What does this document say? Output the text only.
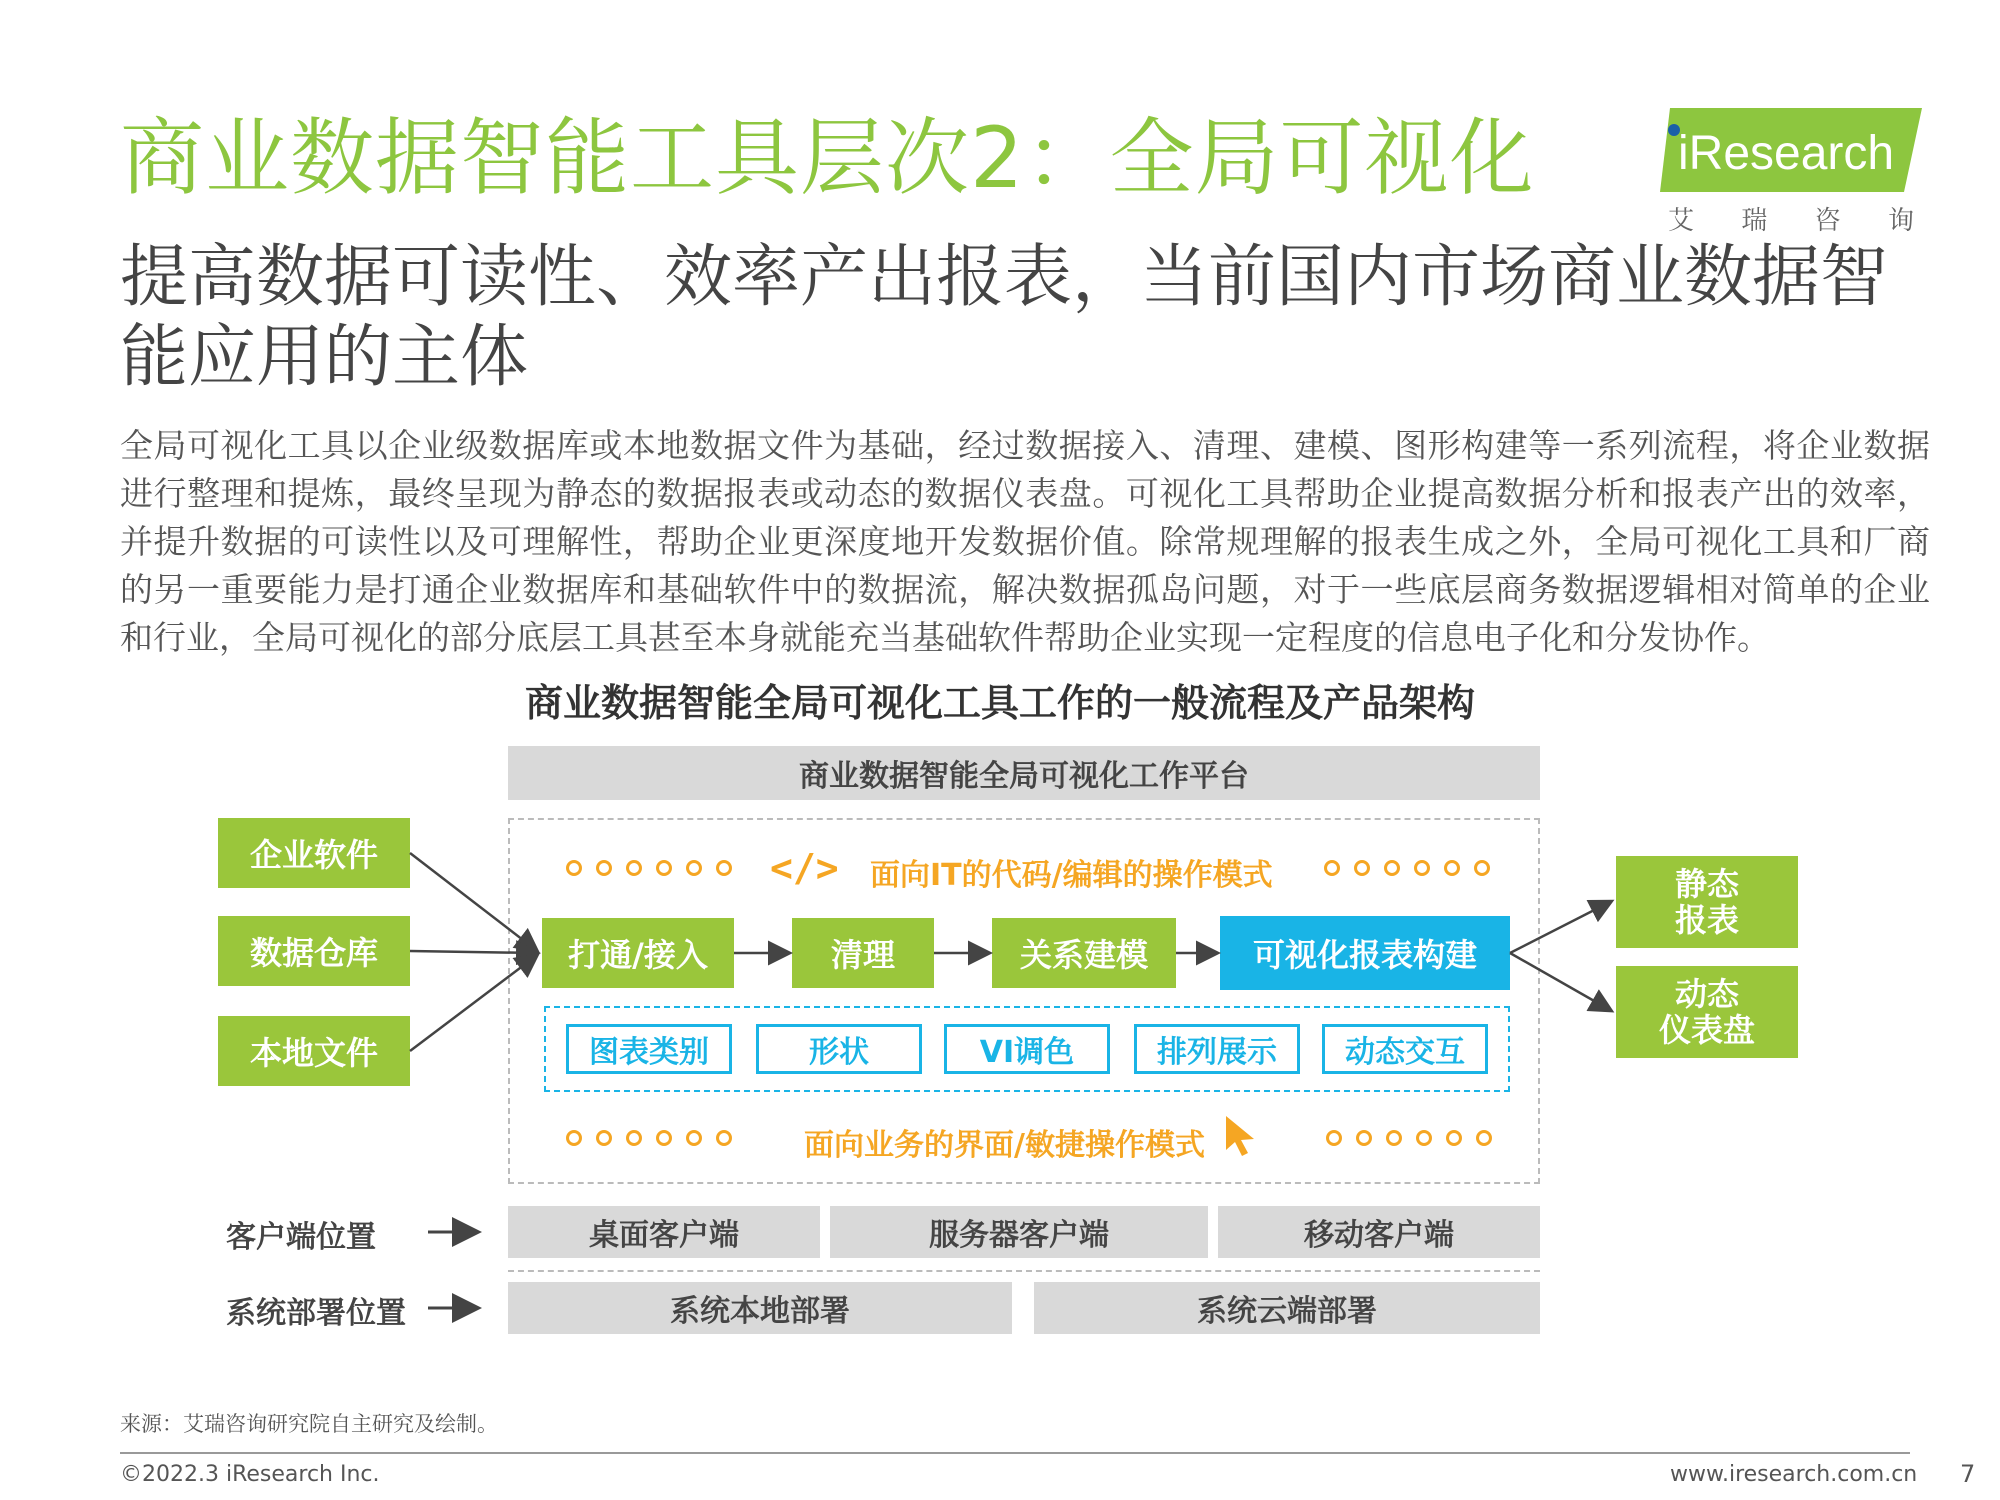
商业数据智能工具层次2：全局可视化	iResearch
艾 瑞 咨 询
提高数据可读性、效率产出报表，当前国内市场商业数据智能应用的主体
全局可视化工具以企业级数据库或本地数据文件为基础，经过数据接入、清理、建模、图形构建等一系列流程，将企业数据进行整理和提炼，最终呈现为静态的数据报表或动态的数据仪表盘。可视化工具帮助企业提高数据分析和报表产出的效率，并提升数据的可读性以及可理解性，帮助企业更深度地开发数据价值。除常规理解的报表生成之外，全局可视化工具和厂商的另一重要能力是打通企业数据库和基础软件中的数据流，解决数据孤岛问题，对于一些底层商务数据逻辑相对简单的企业和行业，全局可视化的部分底层工具甚至本身就能充当基础软件帮助企业实现一定程度的信息电子化和分发协作。
商业数据智能全局可视化工具工作的一般流程及产品架构
商业数据智能全局可视化工作平台
企业软件
数据仓库
本地文件
</> 面向IT的代码/编辑的操作模式
打通/接入	清理	关系建模	可视化报表构建
图表类别	形状	VI调色	排列展示	动态交互
面向业务的界面/敏捷操作模式
静态
报表
动态
仪表盘
客户端位置	桌面客户端	服务器客户端	移动客户端
系统部署位置	系统本地部署	系统云端部署
来源：艾瑞咨询研究院自主研究及绘制。
©2022.3 iResearch Inc.	www.iresearch.com.cn 7
